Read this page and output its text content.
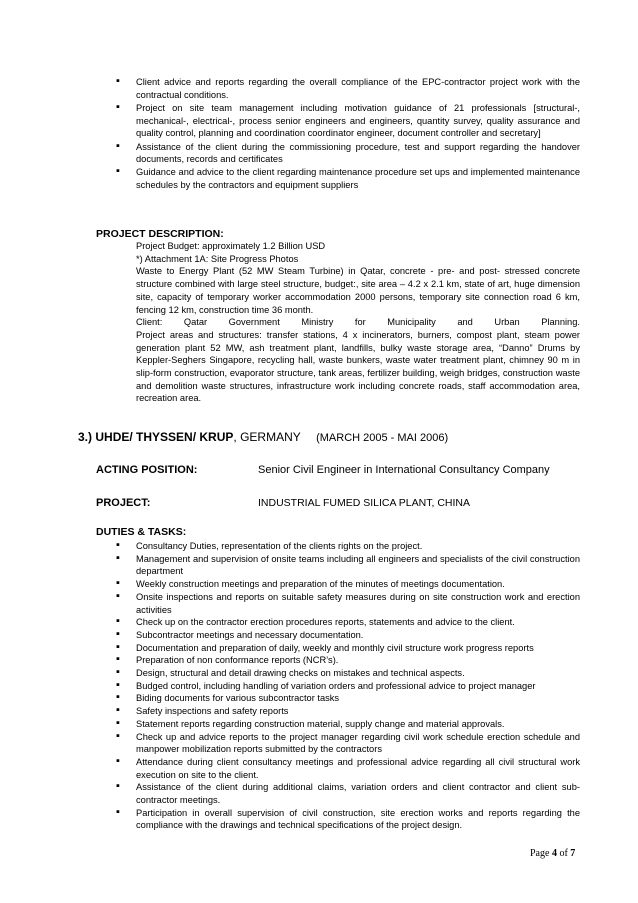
▪ Client advice and reports regarding the overall compliance of the EPC-contractor project work with the contractual conditions.
▪ Project on site team management including motivation guidance of 21 professionals [structural-, mechanical-, electrical-, process senior engineers and engineers, quantity survey, quality assurance and quality control, planning and coordination coordinator engineer, document controller and secretary]
▪ Assistance of the client during the commissioning procedure, test and support regarding the handover documents, records and certificates
▪ Guidance and advice to the client regarding maintenance procedure set ups and implemented maintenance schedules by the contractors and equipment suppliers
PROJECT DESCRIPTION:
Project Budget: approximately 1.2 Billion USD
*) Attachment 1A: Site Progress Photos
Waste to Energy Plant (52 MW Steam Turbine) in Qatar, concrete - pre- and post- stressed concrete structure combined with large steel structure, budget:, site area – 4.2 x 2.1 km, state of art, huge dimension site, capacity of temporary worker accommodation 2000 persons, temporary site connection road 6 km, fencing 12 km, construction time 36 month.
Client: Qatar Government Ministry for Municipality and Urban Planning.
Project areas and structures: transfer stations, 4 x incinerators, burners, compost plant, steam power generation plant 52 MW, ash treatment plant, landfills, bulky waste storage area, “Danno” Drums by Keppler-Seghers Singapore, recycling hall, waste bunkers, waste water treatment plant, chimney 90 m in slip-form construction, evaporator structure, tank areas, fertilizer building, weigh bridges, construction waste and demolition waste structures, infrastructure work including concrete roads, staff accommodation area, recreation area.
3.) UHDE/ THYSSEN/ KRUP, GERMANY (MARCH 2005 - MAI 2006)
ACTING POSITION:	Senior Civil Engineer in International Consultancy Company
PROJECT:	INDUSTRIAL FUMED SILICA PLANT, CHINA
DUTIES & TASKS:
▪ Consultancy Duties, representation of the clients rights on the project.
▪ Management and supervision of onsite teams including all engineers and specialists of the civil construction department
▪ Weekly construction meetings and preparation of the minutes of meetings documentation.
▪ Onsite inspections and reports on suitable safety measures during on site construction work and erection activities
▪ Check up on the contractor erection procedures reports, statements and advice to the client.
▪ Subcontractor meetings and necessary documentation.
▪ Documentation and preparation of daily, weekly and monthly civil structure work progress reports
▪ Preparation of non conformance reports (NCR’s).
▪ Design, structural and detail drawing checks on mistakes and technical aspects.
▪ Budged control, including handling of variation orders and professional advice to project manager
▪ Biding documents for various subcontractor tasks
▪ Safety inspections and safety reports
▪ Statement reports regarding construction material, supply change and material approvals.
▪ Check up and advice reports to the project manager regarding civil work schedule erection schedule and manpower mobilization reports submitted by the contractors
▪ Attendance during client consultancy meetings and professional advice regarding all civil structural work execution on site to the client.
▪ Assistance of the client during additional claims, variation orders and client contractor and client sub-contractor meetings.
▪ Participation in overall supervision of civil construction, site erection works and reports regarding the compliance with the drawings and technical specifications of the project design.
Page 4 of 7
